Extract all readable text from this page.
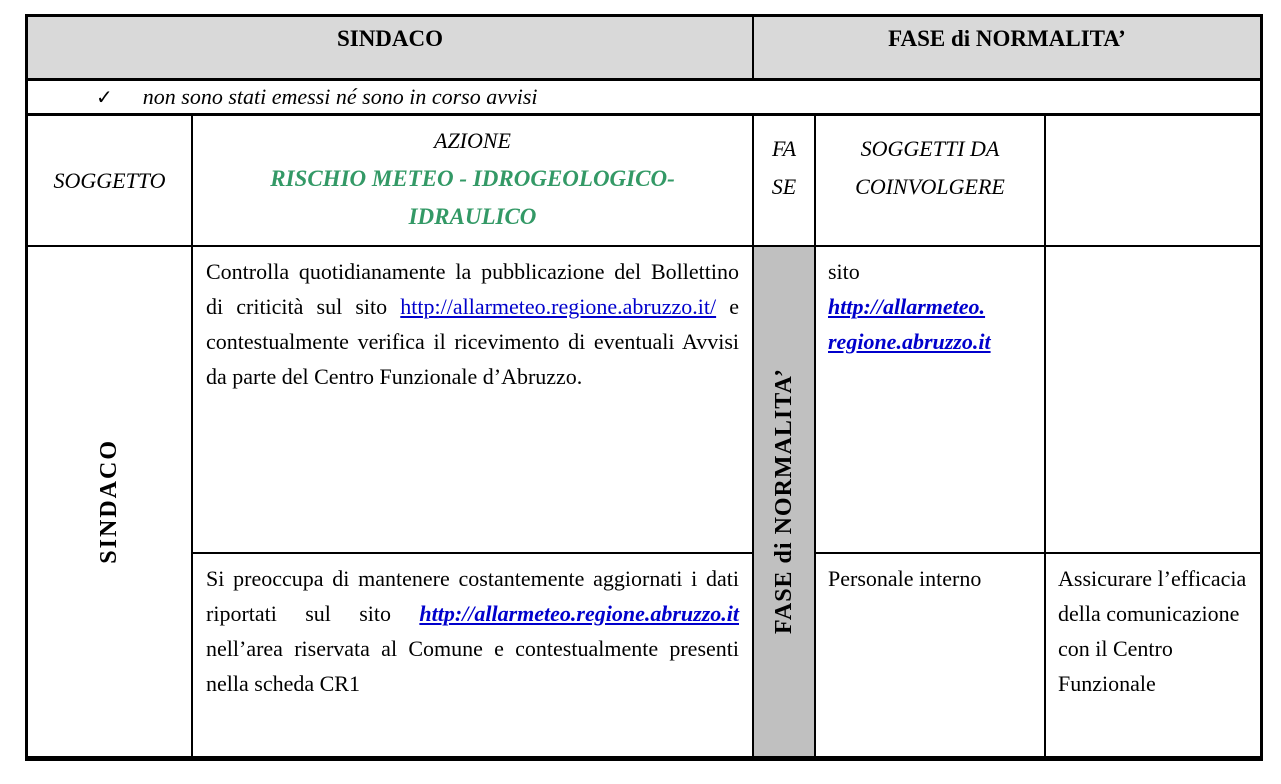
SINDACO	FASE di NORMALITA’
✓ non sono stati emessi né sono in corso avvisi
SOGGETTO
AZIONE
RISCHIO METEO - IDROGEOLOGICO-
IDRAULICO
FA
SE
SOGGETTI DA COINVOLGERE
SINDACO
Controlla quotidianamente la pubblicazione del Bollettino di criticità sul sito http://allarmeteo.regione.abruzzo.it/ e contestualmente verifica il ricevimento di eventuali Avvisi da parte del Centro Funzionale d’Abruzzo.
Si preoccupa di mantenere costantemente aggiornati i dati riportati sul sito http://allarmeteo.regione.abruzzo.it nell’area riservata al Comune e contestualmente presenti nella scheda CR1
FASE di NORMALITA’
sito
http://allarmeteo.
regione.abruzzo.it
Personale interno	Assicurare l’efficacia della comunicazione con il Centro Funzionale
